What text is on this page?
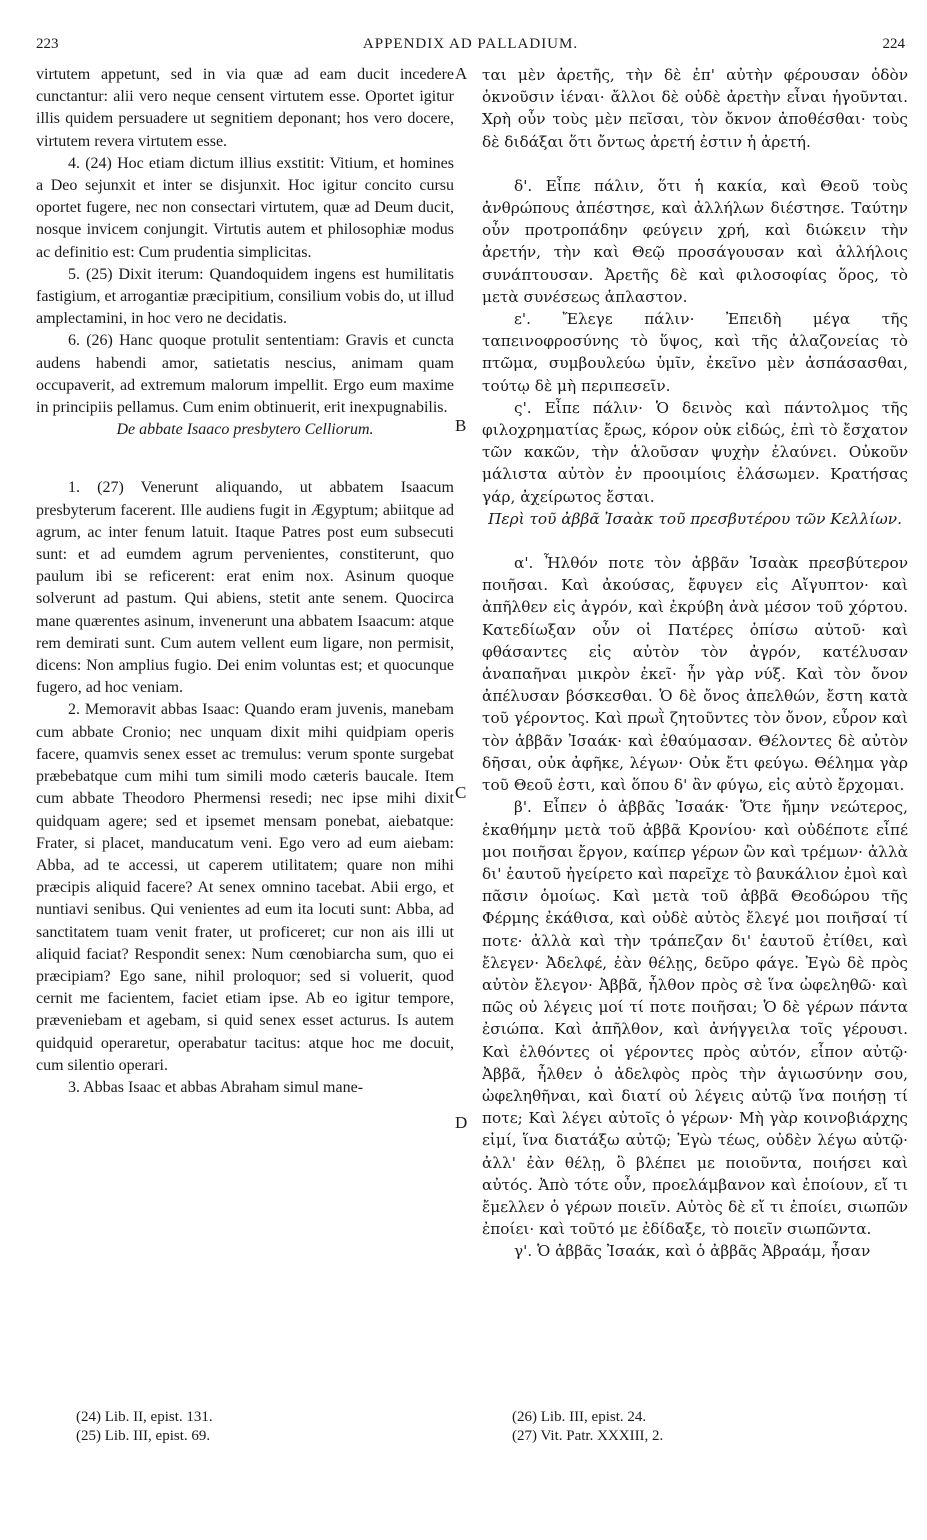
223	APPENDIX AD PALLADIUM.	224

virtutem appetunt, sed in via quæ ad eam ducit incedere cunctantur: alii vero neque censent virtutem esse. Oportet igitur illis quidem persuadere ut segnitiem deponant; hos vero docere, virtutem revera virtutem esse.

4. (24) Hoc etiam dictum illius exstitit: Vitium, et homines a Deo sejunxit et inter se disjunxit. Hoc igitur concito cursu oportet fugere, nec non consectari virtutem, quæ ad Deum ducit, nosque invicem conjungit. Virtutis autem et philosophiæ modus ac definitio est: Cum prudentia simplicitas.

5. (25) Dixit iterum: Quandoquidem ingens est humilitatis fastigium, et arrogantiæ præcipitium, consilium vobis do, ut illud amplectamini, in hoc vero ne decidatis.

6. (26) Hanc quoque protulit sententiam: Gravis et cuncta audens habendi amor, satietatis nescius, animam quam occupaverit, ad extremum malorum impellit. Ergo eum maxime in principiis pellamus. Cum enim obtinuerit, erit inexpugnabilis.

De abbate Isaaco presbytero Celliorum.

1. (27) Venerunt aliquando, ut abbatem Isaacum presbyterum facerent. Ille audiens fugit in Ægyptum; abiitque ad agrum, ac inter fenum latuit. Itaque Patres post eum subsecuti sunt: et ad eumdem agrum pervenientes, constiterunt, quo paulum ibi se reficerent: erat enim nox. Asinum quoque solverunt ad pastum. Qui abiens, stetit ante senem. Quocirca mane quærentes asinum, invenerunt una abbatem Isaacum: atque rem demirati sunt. Cum autem vellent eum ligare, non permisit, dicens: Non amplius fugio. Dei enim voluntas est; et quocunque fugero, ad hoc veniam.

2. Memoravit abbas Isaac: Quando eram juvenis, manebam cum abbate Cronio; nec unquam dixit mihi quidpiam operis facere, quamvis senex esset ac tremulus: verum sponte surgebat præbebatque cum mihi tum simili modo cæteris baucale. Item cum abbate Theodoro Phermensi resedi; nec ipse mihi dixit quidquam agere; sed et ipsemet mensam ponebat, aiebatque: Frater, si placet, manducatum veni. Ego vero ad eum aiebam: Abba, ad te accessi, ut caperem utilitatem; quare non mihi præcipis aliquid facere? At senex omnino tacebat. Abii ergo, et nuntiavi senibus. Qui venientes ad eum ita locuti sunt: Abba, ad sanctitatem tuam venit frater, ut proficeret; cur non ais illi ut aliquid faciat? Respondit senex: Num cœnobiarcha sum, quo ei præcipiam? Ego sane, nihil proloquor; sed si voluerit, quod cernit me facientem, faciet etiam ipse. Ab eo igitur tempore, præveniebam et agebam, si quid senex esset acturus. Is autem quidquid operaretur, operabatur tacitus: atque hoc me docuit, cum silentio operari.

3. Abbas Isaac et abbas Abraham simul mane-

ται μὲν ἀρετῆς, τὴν δὲ ἐπ' αὐτὴν φέρουσαν ὁδὸν ὀκνοῦσιν ἰέναι· ἄλλοι δὲ οὐδὲ ἀρετὴν εἶναι ἡγοῦνται. Χρὴ οὖν τοὺς μὲν πεῖσαι, τὸν ὄκνον ἀποθέσθαι· τοὺς δὲ διδάξαι ὅτι ὄντως ἀρετή ἐστιν ἡ ἀρετή.

δ'. Εἶπε πάλιν, ὅτι ἡ κακία, καὶ Θεοῦ τοὺς ἀνθρώπους ἀπέστησε, καὶ ἀλλήλων διέστησε. Ταύτην οὖν προτροπάδην φεύγειν χρή, καὶ διώκειν τὴν ἀρετήν, τὴν καὶ Θεῷ προσάγουσαν καὶ ἀλλήλοις συνάπτουσαν. Ἀρετῆς δὲ καὶ φιλοσοφίας ὅρος, τὸ μετὰ συνέσεως ἁπλαστον.

ε'. Ἔλεγε πάλιν· Ἐπειδὴ μέγα τῆς ταπεινοφροσύνης τὸ ὕψος, καὶ τῆς ἀλαζονείας τὸ πτῶμα, συμβουλεύω ὑμῖν, ἐκεῖνο μὲν ἀσπάσασθαι, τούτῳ δὲ μὴ περιπεσεῖν.

ς'. Εἶπε πάλιν· Ὁ δεινὸς καὶ πάντολμος τῆς φιλοχρηματίας ἔρως, κόρον οὐκ εἰδώς, ἐπὶ τὸ ἔσχατον τῶν κακῶν, τὴν ἁλοῦσαν ψυχὴν ἐλαύνει. Οὐκοῦν μάλιστα αὐτὸν ἐν προοιμίοις ἐλάσωμεν. Κρατήσας γάρ, ἀχείρωτος ἔσται.

Περὶ τοῦ ἀββᾶ Ἰσαὰκ τοῦ πρεσβυτέρου τῶν Κελλίων.

α'. Ἦλθόν ποτε τὸν ἀββᾶν Ἰσαὰκ πρεσβύτερον ποιῆσαι. Καὶ ἀκούσας, ἔφυγεν εἰς Αἴγυπτον· καὶ ἀπῆλθεν εἰς ἀγρόν, καὶ ἐκρύβη ἀνὰ μέσον τοῦ χόρτου. Κατεδίωξαν οὖν οἱ Πατέρες ὀπίσω αὐτοῦ· καὶ φθάσαντες εἰς αὐτὸν τὸν ἀγρόν, κατέλυσαν ἀναπαῆναι μικρὸν ἐκεῖ· ἦν γὰρ νύξ. Καὶ τὸν ὄνον ἀπέλυσαν βόσκεσθαι. Ὁ δὲ ὄνος ἀπελθών, ἔστη κατὰ τοῦ γέροντος. Καὶ πρωῒ ζητοῦντες τὸν ὄνον, εὗρον καὶ τὸν ἀββᾶν Ἰσαάκ· καὶ ἐθαύμασαν. Θέλοντες δὲ αὐτὸν δῆσαι, οὐκ ἀφῆκε, λέγων· Οὐκ ἔτι φεύγω. Θέλημα γὰρ τοῦ Θεοῦ ἐστι, καὶ ὅπου δ' ἂν φύγω, εἰς αὐτὸ ἔρχομαι.

β'. Εἶπεν ὁ ἀββᾶς Ἰσαάκ· Ὅτε ἤμην νεώτερος, ἐκαθήμην μετὰ τοῦ ἀββᾶ Κρονίου· καὶ οὐδέποτε εἶπέ μοι ποιῆσαι ἔργον, καίπερ γέρων ὢν καὶ τρέμων· ἀλλὰ δι' ἑαυτοῦ ἠγείρετο καὶ παρεῖχε τὸ βαυκάλιον ἐμοὶ καὶ πᾶσιν ὁμοίως. Καὶ μετὰ τοῦ ἀββᾶ Θεοδώρου τῆς Φέρμης ἐκάθισα, καὶ οὐδὲ αὐτὸς ἔλεγέ μοι ποιῆσαί τί ποτε· ἀλλὰ καὶ τὴν τράπεζαν δι' ἑαυτοῦ ἐτίθει, καὶ ἔλεγεν· Ἀδελφέ, ἐὰν θέλῃς, δεῦρο φάγε. Ἐγὼ δὲ πρὸς αὐτὸν ἔλεγον· Ἀββᾶ, ἦλθον πρὸς σὲ ἵνα ὠφεληθῶ· καὶ πῶς οὐ λέγεις μοί τί ποτε ποιῆσαι; Ὁ δὲ γέρων πάντα ἐσιώπα. Καὶ ἀπῆλθον, καὶ ἀνήγγειλα τοῖς γέρουσι. Καὶ ἐλθόντες οἱ γέροντες πρὸς αὐτόν, εἶπον αὐτῷ· Ἀββᾶ, ἦλθεν ὁ ἀδελφὸς πρὸς τὴν ἁγιωσύνην σου, ὠφεληθῆναι, καὶ διατί οὐ λέγεις αὐτῷ ἵνα ποιήσῃ τί ποτε; Καὶ λέγει αὐτοῖς ὁ γέρων· Μὴ γὰρ κοινοβιάρχης εἰμί, ἵνα διατάξω αὐτῷ; Ἐγὼ τέως, οὐδὲν λέγω αὐτῷ· ἀλλ' ἐὰν θέλῃ, ὃ βλέπει με ποιοῦντα, ποιήσει καὶ αὐτός. Ἀπὸ τότε οὖν, προελάμβανον καὶ ἐποίουν, εἴ τι ἔμελλεν ὁ γέρων ποιεῖν. Αὐτὸς δὲ εἴ τι ἐποίει, σιωπῶν ἐποίει· καὶ τοῦτό με ἐδίδαξε, τὸ ποιεῖν σιωπῶντα.

γ'. Ὁ ἀββᾶς Ἰσαάκ, καὶ ὁ ἀββᾶς Ἀβραάμ, ἦσαν

A
B
C
D
(24) Lib. II, epist. 131.
(25) Lib. III, epist. 69.
(26) Lib. III, epist. 24.
(27) Vit. Patr. XXXIII, 2.
